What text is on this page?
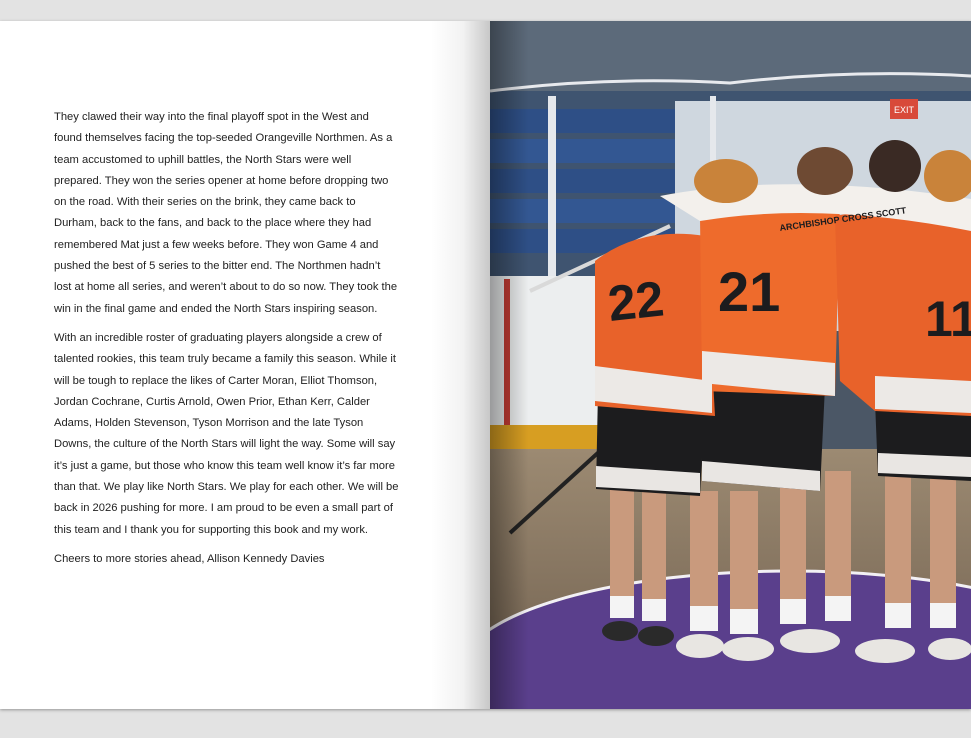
They clawed their way into the final playoff spot in the West and found themselves facing the top-seeded Orangeville Northmen. As a team accustomed to uphill battles, the North Stars were well prepared. They won the series opener at home before dropping two on the road. With their series on the brink, they came back to Durham, back to the fans, and back to the place where they had remembered Mat just a few weeks before. They won Game 4 and pushed the best of 5 series to the bitter end. The Northmen hadn’t lost at home all series, and weren’t about to do so now. They took the win in the final game and ended the North Stars inspiring season.

With an incredible roster of graduating players alongside a crew of talented rookies, this team truly became a family this season. While it will be tough to replace the likes of Carter Moran, Elliot Thomson, Jordan Cochrane, Curtis Arnold, Owen Prior, Ethan Kerr, Calder Adams, Holden Stevenson, Tyson Morrison and the late Tyson Downs, the culture of the North Stars will light the way. Some will say it’s just a game, but those who know this team well know it’s far more than that. We play like North Stars. We play for each other. We will be back in 2026 pushing for more. I am proud to be even a small part of this team and I thank you for supporting this book and my work.

Cheers to more stories ahead, Allison Kennedy Davies
